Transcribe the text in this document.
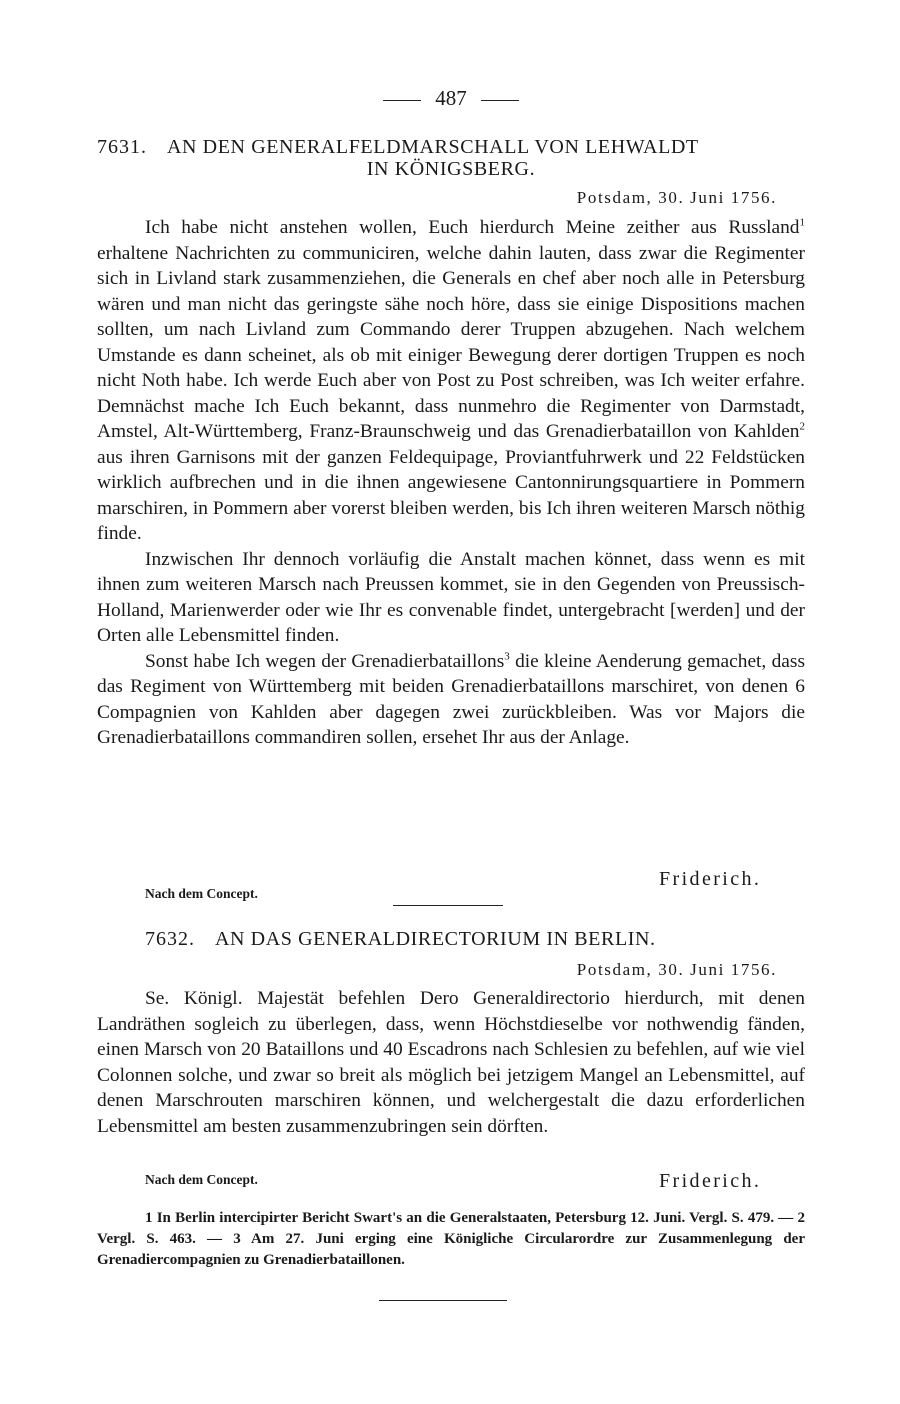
487
7631. AN DEN GENERALFELDMARSCHALL VON LEHWALDT
IN KÖNIGSBERG.
Potsdam, 30. Juni 1756.

Ich habe nicht anstehen wollen, Euch hierdurch Meine zeither aus Russland$^1$ erhaltene Nachrichten zu communiciren, welche dahin lauten, dass zwar die Regimenter sich in Livland stark zusammenziehen, die Generals en chef aber noch alle in Petersburg wären und man nicht das geringste sähe noch höre, dass sie einige Dispositions machen sollten, um nach Livland zum Commando derer Truppen abzugehen. Nach welchem Umstande es dann scheinet, als ob mit einiger Bewegung derer dortigen Truppen es noch nicht Noth habe. Ich werde Euch aber von Post zu Post schreiben, was Ich weiter erfahre. Demnächst mache Ich Euch bekannt, dass nunmehro die Regimenter von Darmstadt, Amstel, Alt-Württemberg, Franz-Braunschweig und das Grenadierbataillon von Kahlden$^2$ aus ihren Garnisons mit der ganzen Feldequipage, Proviantfuhrwerk und 22 Feldstücken wirklich aufbrechen und in die ihnen angewiesene Cantonnirungsquartiere in Pommern marschiren, in Pommern aber vorerst bleiben werden, bis Ich ihren weiteren Marsch nöthig finde.

Inzwischen Ihr dennoch vorläufig die Anstalt machen könnet, dass wenn es mit ihnen zum weiteren Marsch nach Preussen kommet, sie in den Gegenden von Preussisch-Holland, Marienwerder oder wie Ihr es convenable findet, untergebracht [werden] und der Orten alle Lebensmittel finden.

Sonst habe Ich wegen der Grenadierbataillons$^3$ die kleine Aenderung gemachet, dass das Regiment von Württemberg mit beiden Grenadierbataillons marschiret, von denen 6 Compagnien von Kahlden aber dagegen zwei zurückbleiben. Was vor Majors die Grenadierbataillons commandiren sollen, ersehet Ihr aus der Anlage.

Friderich.
Nach dem Concept.
7632. AN DAS GENERALDIRECTORIUM IN BERLIN.
Potsdam, 30. Juni 1756.

Se. Königl. Majestät befehlen Dero Generaldirectorio hierdurch, mit denen Landräthen sogleich zu überlegen, dass, wenn Höchstdieselbe vor nothwendig fänden, einen Marsch von 20 Bataillons und 40 Escadrons nach Schlesien zu befehlen, auf wie viel Colonnen solche, und zwar so breit als möglich bei jetzigem Mangel an Lebensmittel, auf denen Marschrouten marschiren können, und welchergestalt die dazu erforderlichen Lebensmittel am besten zusammenzubringen sein dörften.

Nach dem Concept.	Friderich.

1 In Berlin intercipirter Bericht Swart's an die Generalstaaten, Petersburg 12. Juni. Vergl. S. 479. — 2 Vergl. S. 463. — 3 Am 27. Juni erging eine Königliche Circularordre zur Zusammenlegung der Grenadiercompagnien zu Grenadierbataillonen.
